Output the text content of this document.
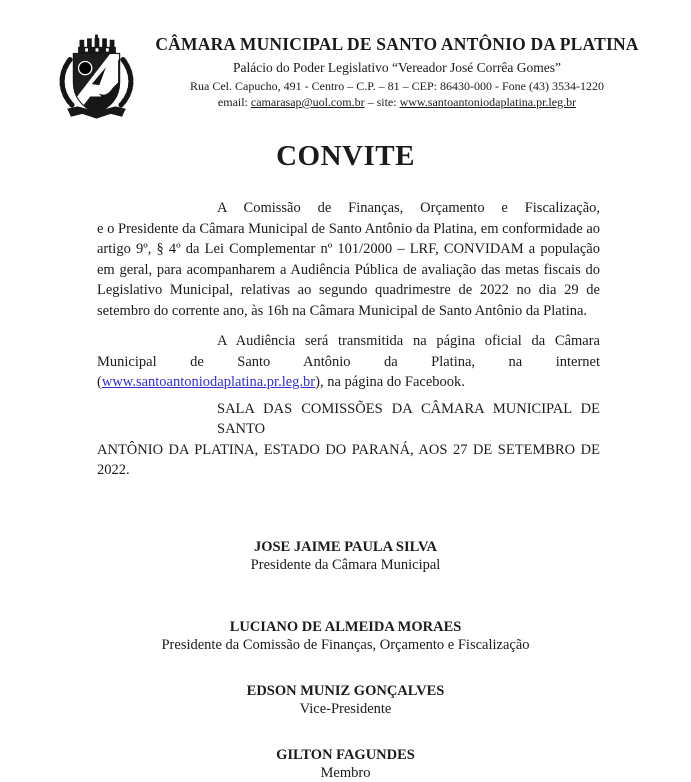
CÂMARA MUNICIPAL DE SANTO ANTÔNIO DA PLATINA
Palácio do Poder Legislativo “Vereador José Corrêa Gomes”
Rua Cel. Capucho, 491 - Centro – C.P. – 81 – CEP: 86430-000 - Fone (43) 3534-1220
email: camarasap@uol.com.br – site: www.santoantoniodaplatina.pr.leg.br
CONVITE
A Comissão de Finanças, Orçamento e Fiscalização,
e o Presidente da Câmara Municipal de Santo Antônio da Platina, em conformidade ao artigo 9º, § 4º da Lei Complementar nº 101/2000 – LRF, CONVIDAM a população em geral, para acompanharem a Audiência Pública de avaliação das metas fiscais do Legislativo Municipal, relativas ao segundo quadrimestre de 2022 no dia 29 de setembro do corrente ano, às 16h na Câmara Municipal de Santo Antônio da Platina.
A Audiência será transmitida na página oficial da Câmara Municipal de Santo Antônio da Platina, na internet (www.santoantoniodaplatina.pr.leg.br), na página do Facebook.
SALA DAS COMISSÕES DA CÂMARA MUNICIPAL DE SANTO
ANTÔNIO DA PLATINA, ESTADO DO PARANÁ, AOS 27 DE SETEMBRO DE 2022.
JOSE JAIME PAULA SILVA
Presidente da Câmara Municipal
LUCIANO DE ALMEIDA MORAES
Presidente da Comissão de Finanças, Orçamento e Fiscalização
EDSON MUNIZ GONÇALVES
Vice-Presidente
GILTON FAGUNDES
Membro
